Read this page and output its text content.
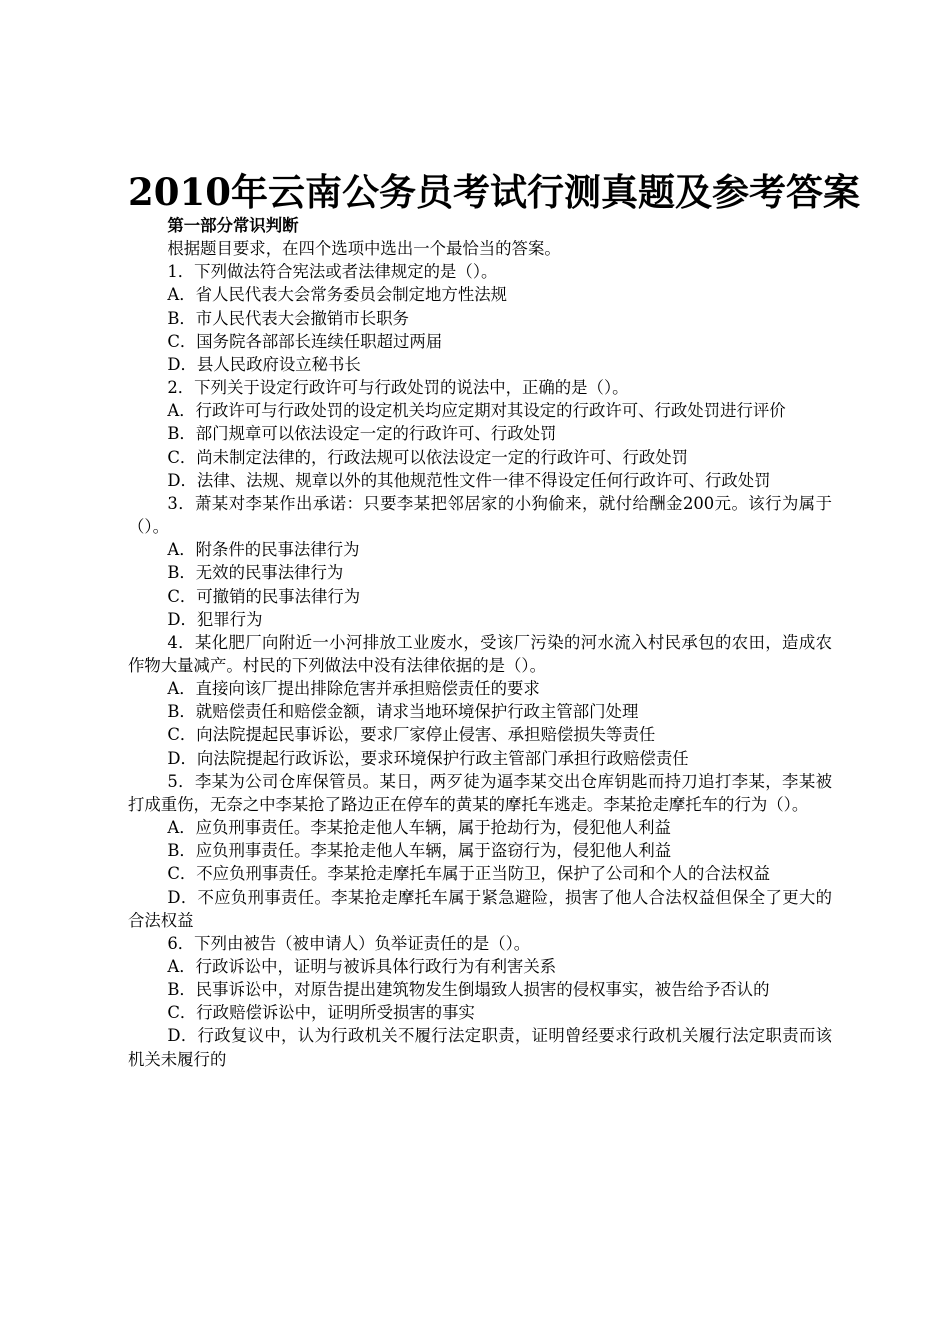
2010年云南公务员考试行测真题及参考答案

第一部分常识判断

根据题目要求，在四个选项中选出一个最恰当的答案。

1．下列做法符合宪法或者法律规定的是（）。

A．省人民代表大会常务委员会制定地方性法规

B．市人民代表大会撤销市长职务

C．国务院各部部长连续任职超过两届

D．县人民政府设立秘书长

2．下列关于设定行政许可与行政处罚的说法中，正确的是（）。

A．行政许可与行政处罚的设定机关均应定期对其设定的行政许可、行政处罚进行评价

B．部门规章可以依法设定一定的行政许可、行政处罚

C．尚未制定法律的，行政法规可以依法设定一定的行政许可、行政处罚

D．法律、法规、规章以外的其他规范性文件一律不得设定任何行政许可、行政处罚

3．萧某对李某作出承诺：只要李某把邻居家的小狗偷来，就付给酬金200元。该行为属于（）。

A．附条件的民事法律行为

B．无效的民事法律行为

C．可撤销的民事法律行为

D．犯罪行为

4．某化肥厂向附近一小河排放工业废水，受该厂污染的河水流入村民承包的农田，造成农作物大量减产。村民的下列做法中没有法律依据的是（）。

A．直接向该厂提出排除危害并承担赔偿责任的要求

B．就赔偿责任和赔偿金额，请求当地环境保护行政主管部门处理

C．向法院提起民事诉讼，要求厂家停止侵害、承担赔偿损失等责任

D．向法院提起行政诉讼，要求环境保护行政主管部门承担行政赔偿责任

5．李某为公司仓库保管员。某日，两歹徒为逼李某交出仓库钥匙而持刀追打李某，李某被打成重伤，无奈之中李某抢了路边正在停车的黄某的摩托车逃走。李某抢走摩托车的行为（）。

A．应负刑事责任。李某抢走他人车辆，属于抢劫行为，侵犯他人利益

B．应负刑事责任。李某抢走他人车辆，属于盗窃行为，侵犯他人利益

C．不应负刑事责任。李某抢走摩托车属于正当防卫，保护了公司和个人的合法权益

D．不应负刑事责任。李某抢走摩托车属于紧急避险，损害了他人合法权益但保全了更大的合法权益

6．下列由被告（被申请人）负举证责任的是（）。

A．行政诉讼中，证明与被诉具体行政行为有利害关系

B．民事诉讼中，对原告提出建筑物发生倒塌致人损害的侵权事实，被告给予否认的

C．行政赔偿诉讼中，证明所受损害的事实

D．行政复议中，认为行政机关不履行法定职责，证明曾经要求行政机关履行法定职责而该机关未履行的
